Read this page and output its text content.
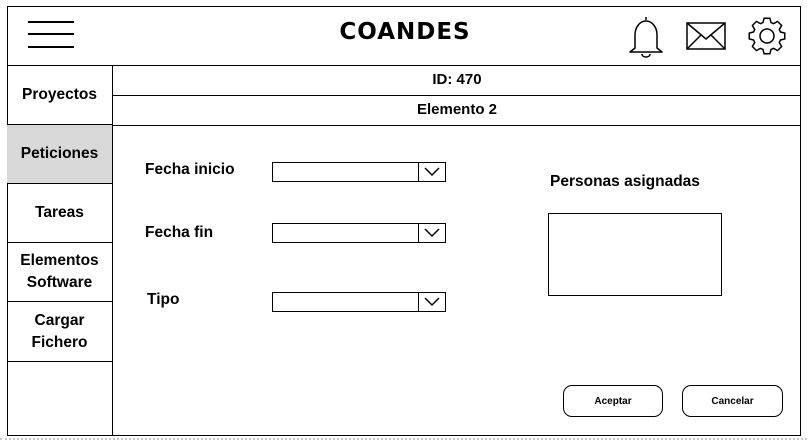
COANDES
Proyectos
Peticiones
Tareas
Elementos Software
Cargar Fichero
ID: 470
Elemento 2
Fecha inicio
Fecha fin
Tipo
Personas asignadas
Aceptar	Cancelar
